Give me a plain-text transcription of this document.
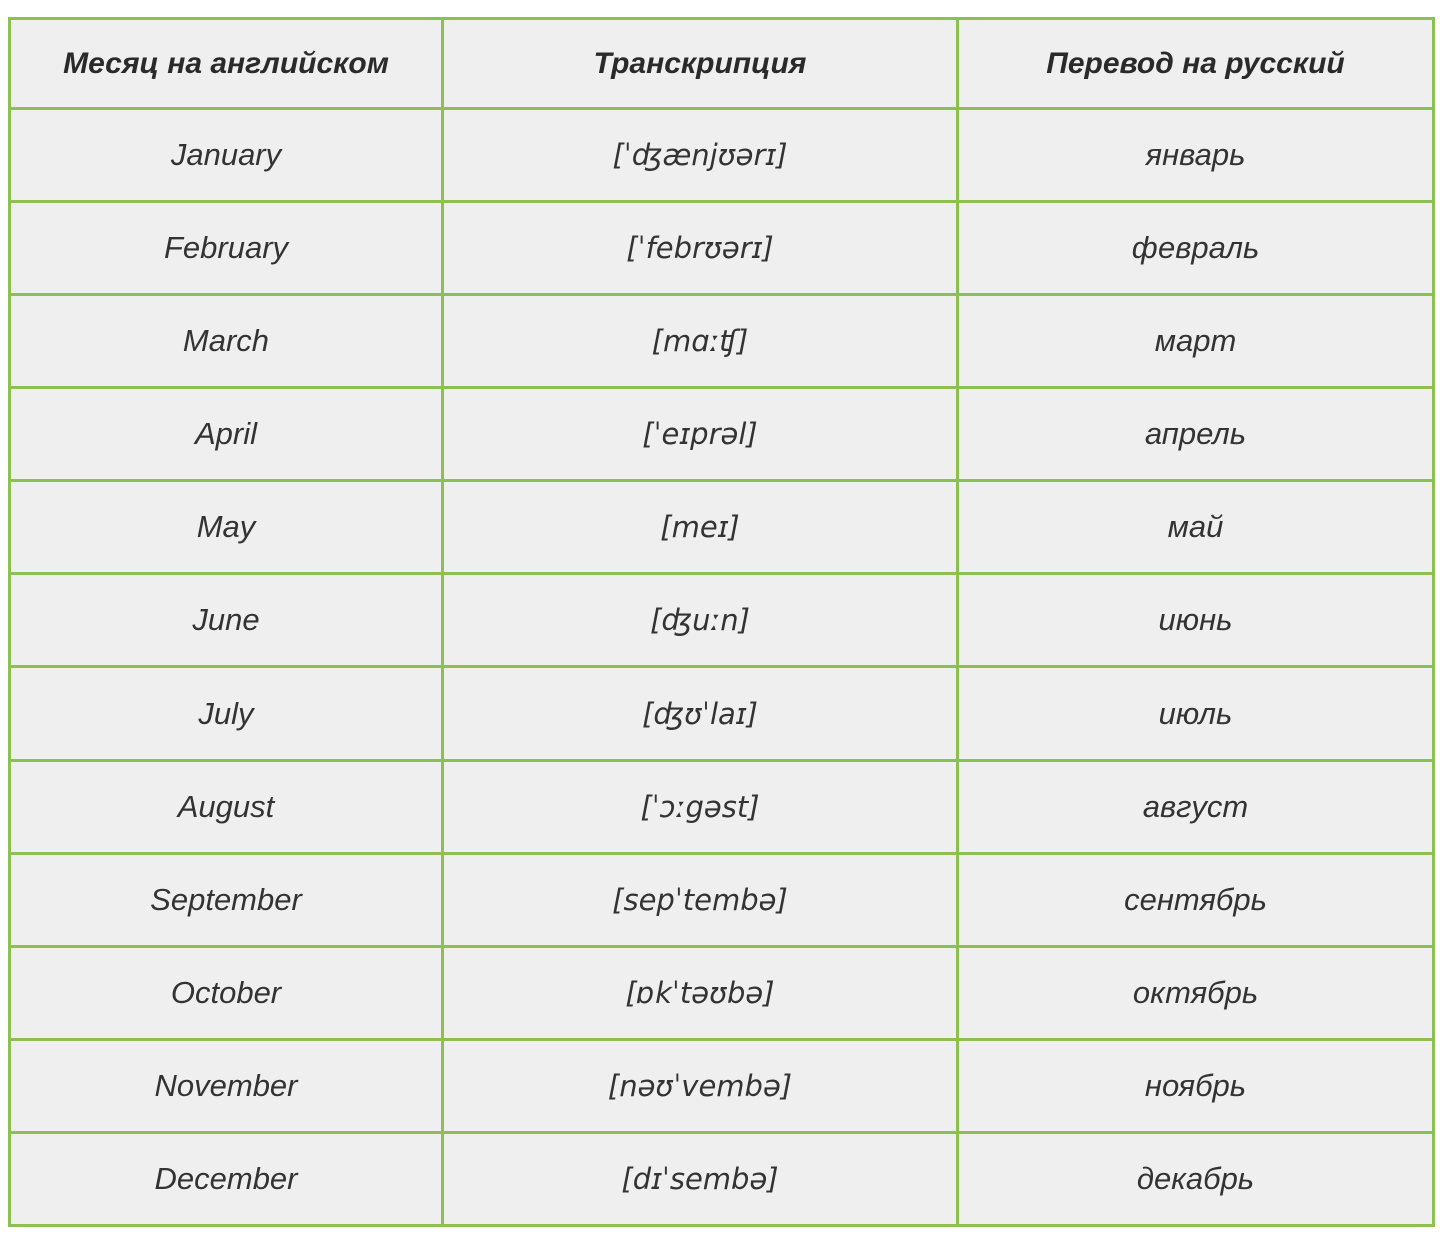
Месяц на английском	Транскрипция	Перевод на русский
January	[ˈʤænjʊərɪ]	январь
February	[ˈfebrʊərɪ]	февраль
March	[mɑːʧ]	март
April	[ˈeɪprəl]	апрель
May	[meɪ]	май
June	[ʤuːn]	июнь
July	[ʤʊˈlaɪ]	июль
August	[ˈɔːgəst]	август
September	[sepˈtembə]	сентябрь
October	[ɒkˈtəʊbə]	октябрь
November	[nəʊˈvembə]	ноябрь
December	[dɪˈsembə]	декабрь
